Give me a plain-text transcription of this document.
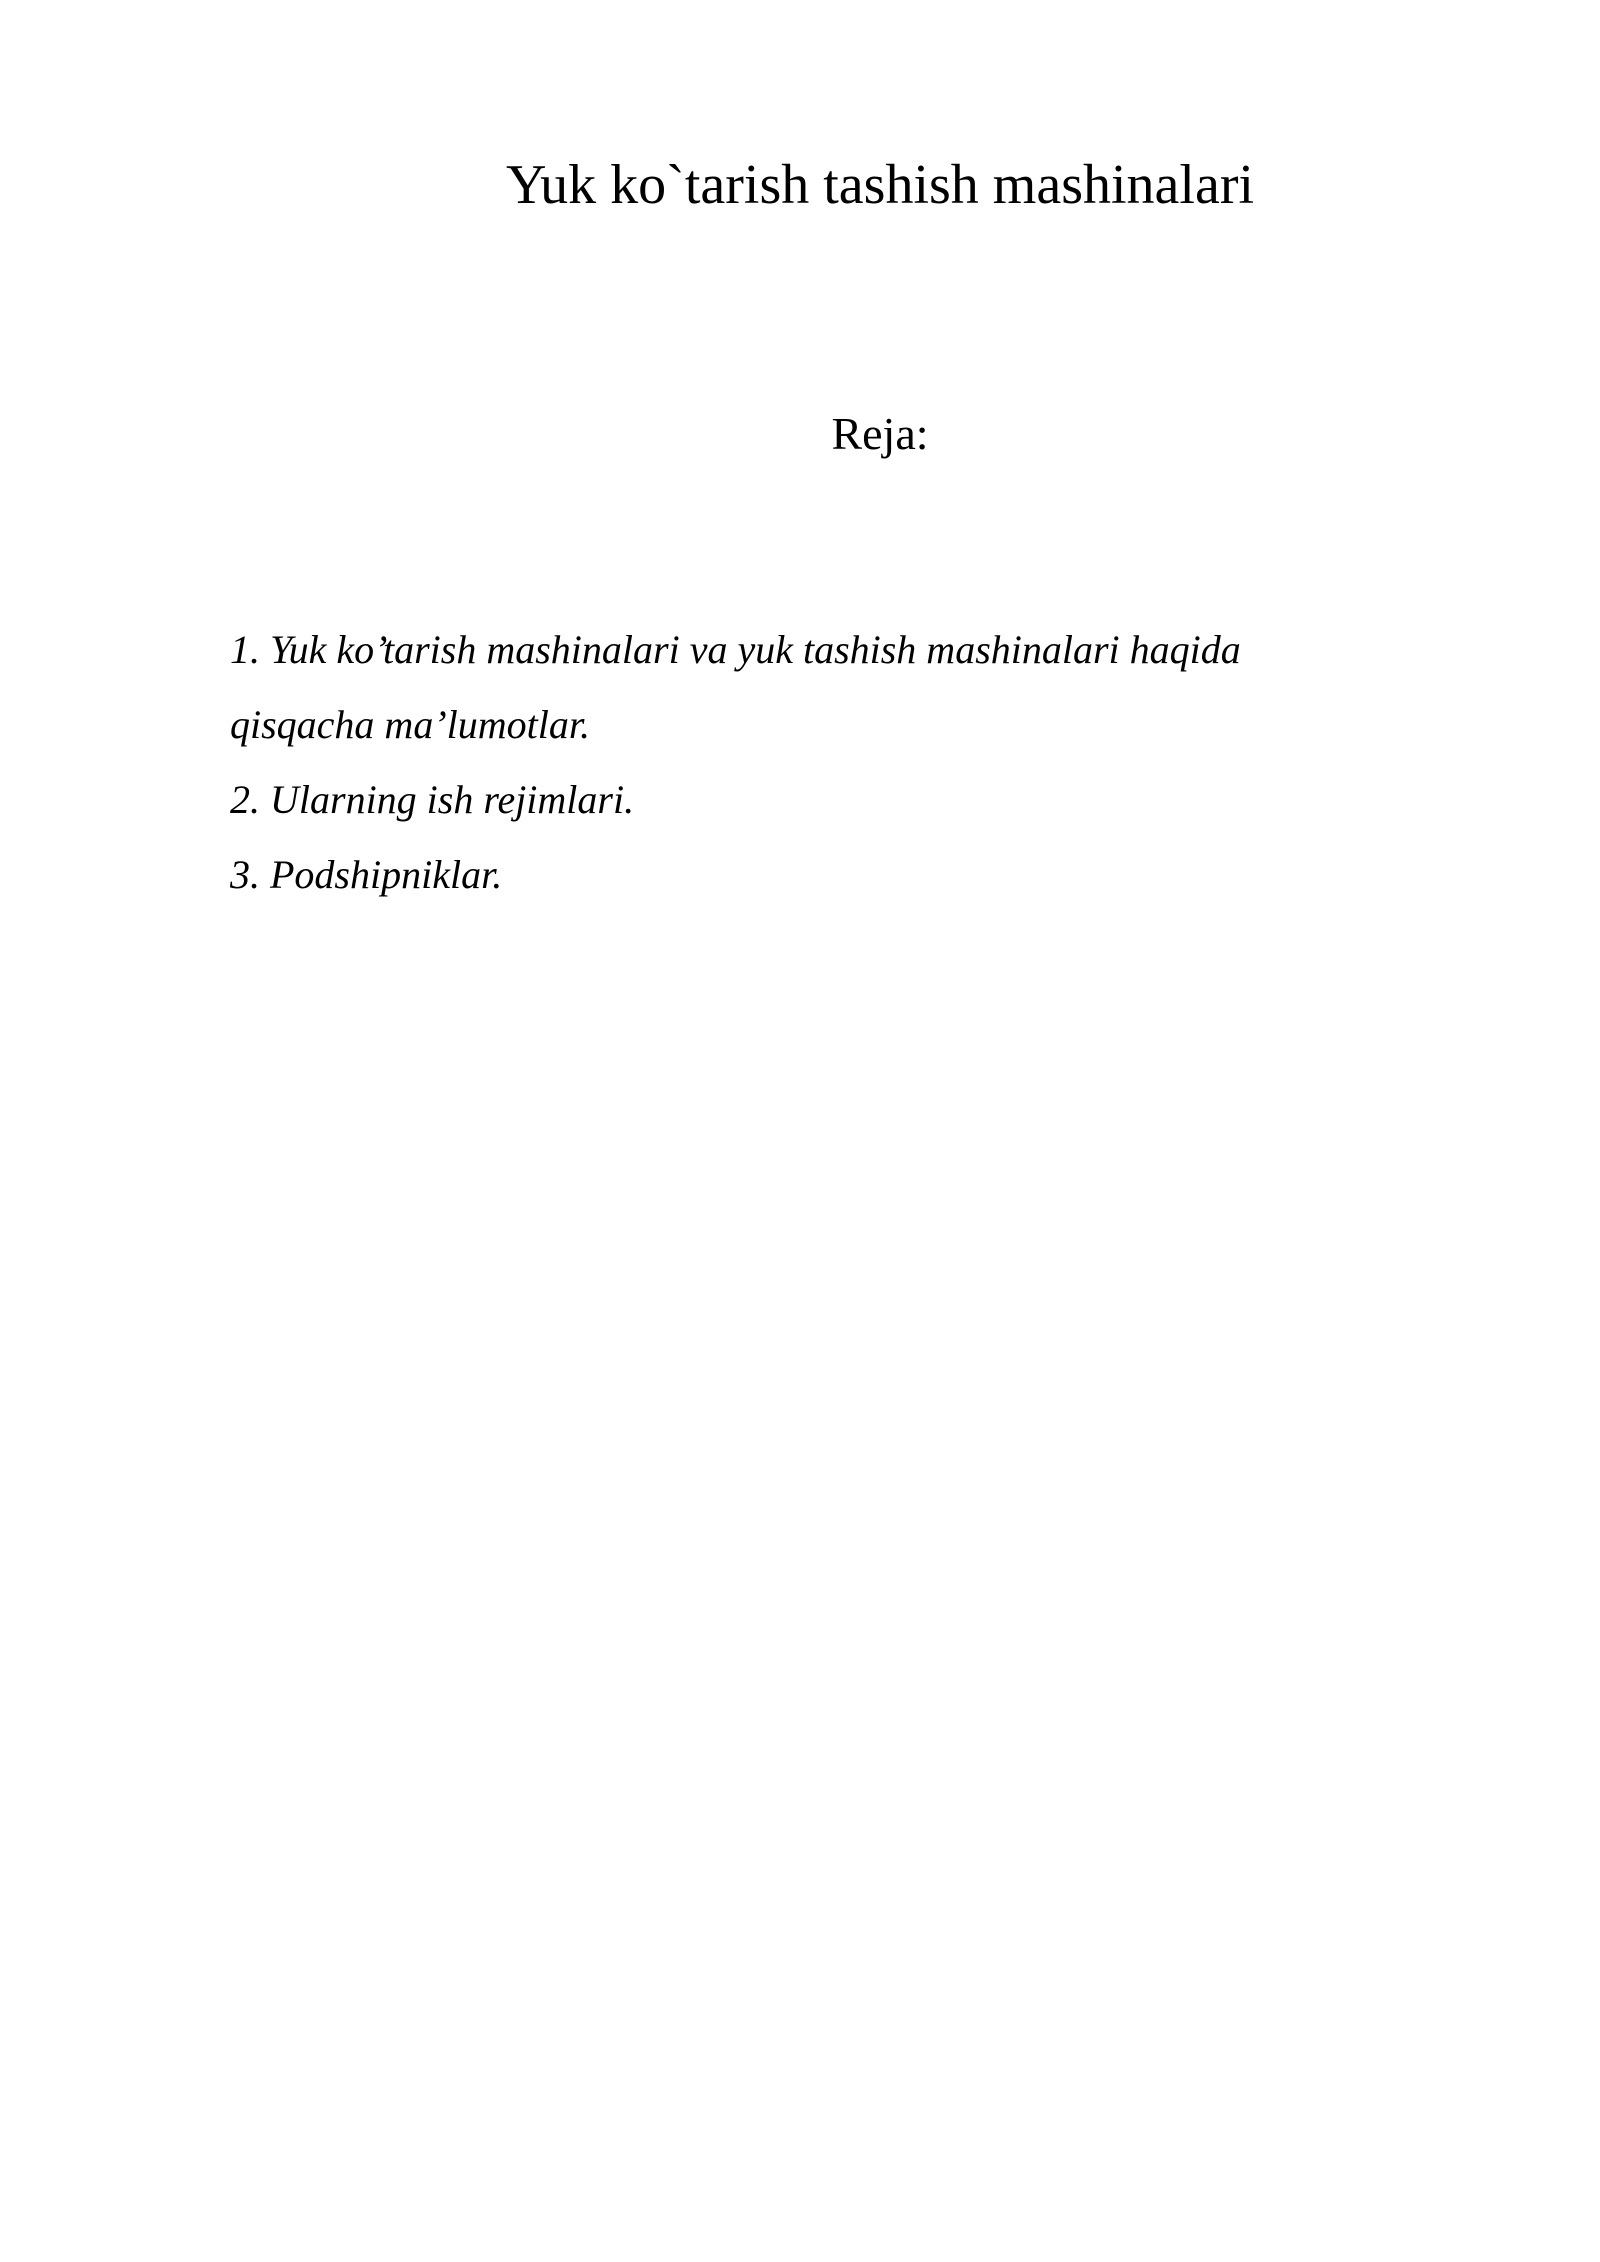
Yuk ko`tarish tashish mashinalari
Reja:
1. Yuk ko’tarish mashinalari va yuk tashish mashinalari haqida qisqacha ma’lumotlar.
2. Ularning ish rejimlari.
3. Podshipniklar.
